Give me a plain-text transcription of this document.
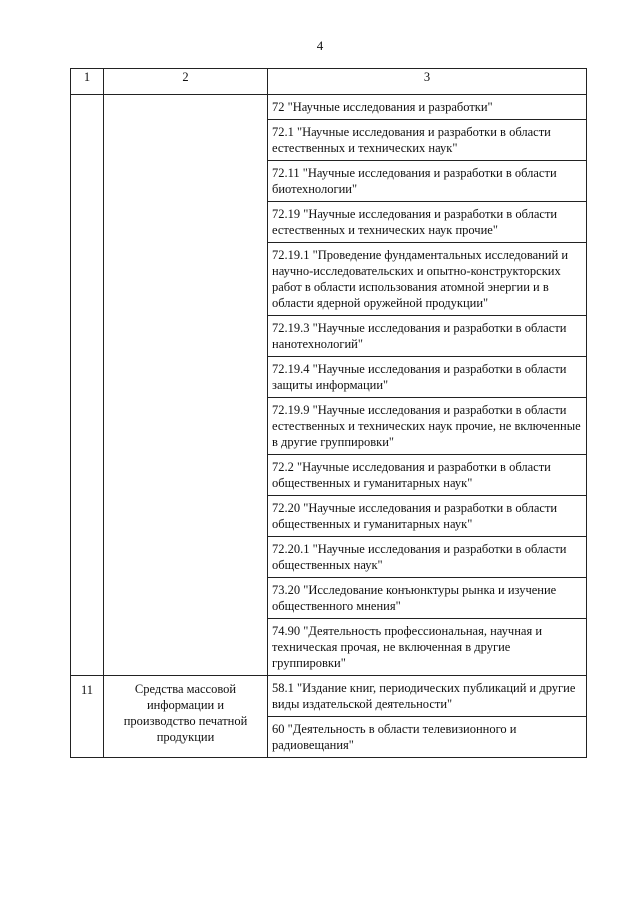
4
1	2	3
		72 "Научные исследования и разработки"
		72.1 "Научные исследования и разработки в области естественных и технических наук"
		72.11 "Научные исследования и разработки в области биотехнологии"
		72.19 "Научные исследования и разработки в области естественных и технических наук прочие"
		72.19.1 "Проведение фундаментальных исследований и научно-исследовательских и опытно-конструкторских работ в области использования атомной энергии и в области ядерной оружейной продукции"
		72.19.3 "Научные исследования и разработки в области нанотехнологий"
		72.19.4 "Научные исследования и разработки в области защиты информации"
		72.19.9 "Научные исследования и разработки в области естественных и технических наук прочие, не включенные в другие группировки"
		72.2 "Научные исследования и разработки в области общественных и гуманитарных наук"
		72.20 "Научные исследования и разработки в области общественных и гуманитарных наук"
		72.20.1 "Научные исследования и разработки в области общественных наук"
		73.20 "Исследование конъюнктуры рынка и изучение общественного мнения"
		74.90 "Деятельность профессиональная, научная и техническая прочая, не включенная в другие группировки"
11	Средства массовой информации и производство печатной продукции	58.1 "Издание книг, периодических публикаций и другие виды издательской деятельности"
		60 "Деятельность в области телевизионного и радиовещания"
